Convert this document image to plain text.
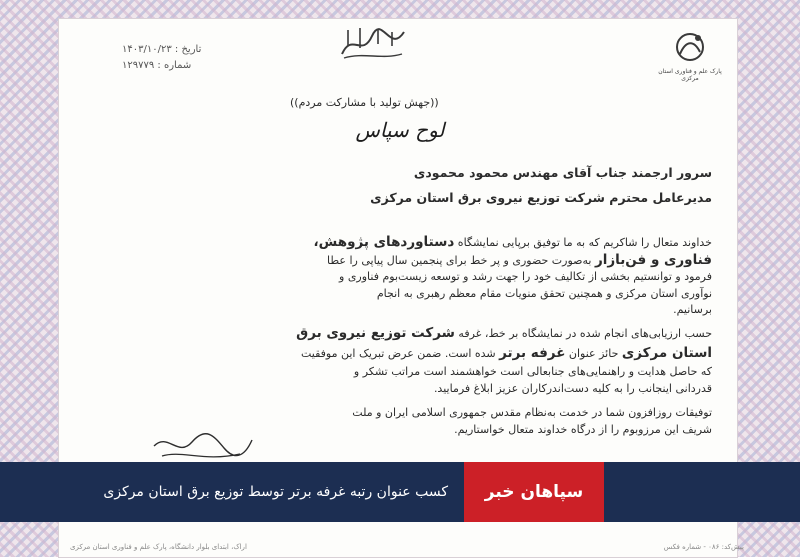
تاریخ : ۱۴۰۳/۱۰/۲۳
شماره : ۱۲۹۷۷۹
پارک علم و فناوری استان مرکزی
((جهش تولید با مشارکت مردم))
لوح سپاس
سرور ارجمند جناب آقای مهندس محمود محمودی
مدیرعامل محترم شرکت توزیع نیروی برق استان مرکزی
خداوند متعال را شاکریم که به ما توفیق برپایی نمایشگاه دستاوردهای پژوهش،
فناوری و فن‌بازار به‌صورت حضوری و پر خط برای پنجمین سال پیاپی را عطا
فرمود و توانستیم بخشی از تکالیف خود را جهت رشد و توسعه زیست‌بوم فناوری و
نوآوری استان مرکزی و همچنین تحقق منویات مقام معظم رهبری به انجام
برسانیم.
حسب ارزیابی‌های انجام شده در نمایشگاه بر خط، غرفه شرکت توزیع نیروی برق
استان مرکزی حائز عنوان غرفه برتر شده است. ضمن عرض تبریک این موفقیت
که حاصل هدایت و راهنمایی‌های جنابعالی است خواهشمند است مراتب تشکر و
قدردانی اینجانب را به کلیه دست‌اندرکاران عزیز ابلاغ فرمایید.
توفیقات روزافزون شما در خدمت به‌نظام مقدس جمهوری اسلامی ایران و ملت
شریف این مرزوبوم را از درگاه خداوند متعال خواستاریم.
اراک، ابتدای بلوار دانشگاه، پارک علم و فناوری استان مرکزی	پیش‌کد: ۰۸۶ - شماره فکس
سپاهان خبر
کسب عنوان رتبه غرفه برتر توسط توزیع برق استان مرکزی
